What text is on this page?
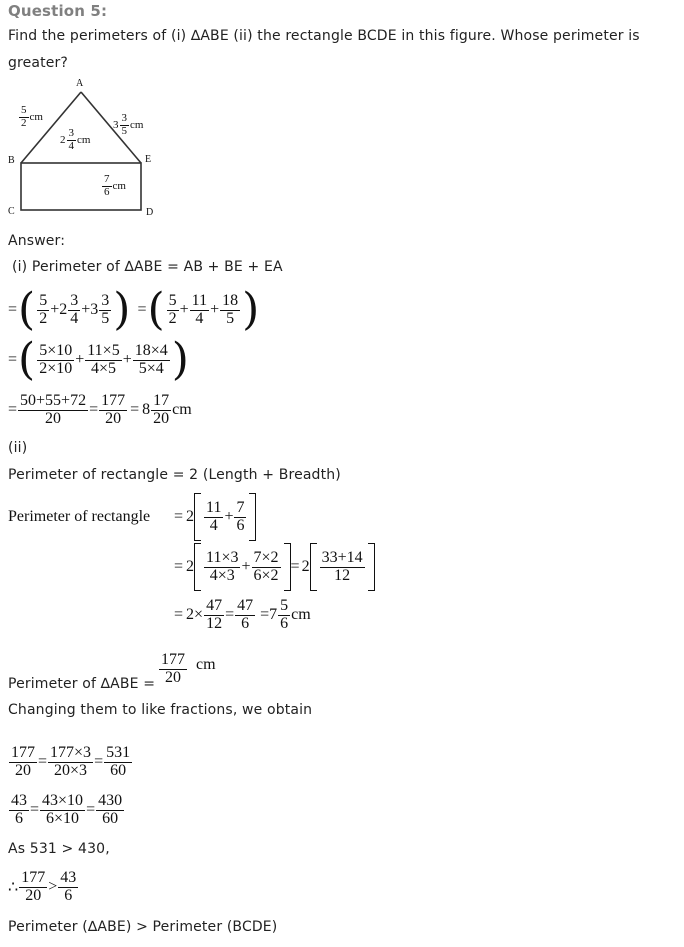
Question 5:
Find the perimeters of (i) ∆ABE (ii) the rectangle BCDE in this figure. Whose perimeter is
greater?
A
B
C	D
E
5
2 cm
3
3
5 cm
2
3
4 cm
7
6 cm
Answer:
(i) Perimeter of ∆ABE = AB + BE + EA
= ( 5
2 + 2
3
4 + 3
3
5 ) = ( 5
$2 + \frac{11}{4} + \frac{18}{5}$ )
= ( 5×10
$2\times 10 + \frac{11\times 5}{4\times 5} + \frac{18\times 4}{5\times 4}$ )
= $\frac{50+55+72}{20} = \frac{177}{20} = 8$
17
20 cm
(ii)
Perimeter of rectangle = 2 (Length + Breadth)
Perimeter of rectangle	= 2
11
$4 + \frac{7}{6}$
= 2
11×3
$4\times 3 + \frac{7\times 2}{6\times 2} = 2$
33+14
12
= $2 \times \frac{47}{12} = \frac{47}{6} = 7$
5
6 cm
Perimeter of ∆ABE =
177
20
cm
Changing them to like fractions, we obtain
$\frac{177}{20} = \frac{177\times 3}{20\times 3} = \frac{531}{60}$
$\frac{43}{6} = \frac{43\times 10}{6\times 10} = \frac{430}{60}$
As 531 > 430,
∴
177
20 >
43
6
Perimeter (∆ABE) > Perimeter (BCDE)
